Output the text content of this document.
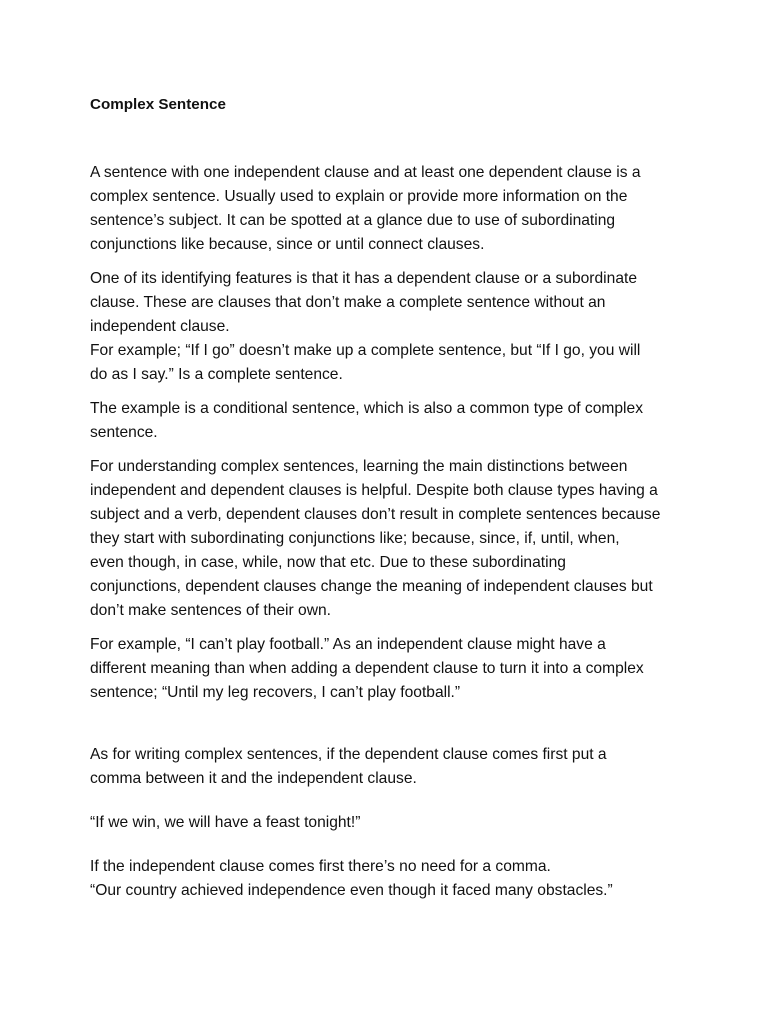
Complex Sentence

A sentence with one independent clause and at least one dependent clause is a
complex sentence. Usually used to explain or provide more information on the
sentence’s subject. It can be spotted at a glance due to use of subordinating
conjunctions like because, since or until connect clauses.

One of its identifying features is that it has a dependent clause or a subordinate
clause. These are clauses that don’t make a complete sentence without an
independent clause.
For example; “If I go” doesn’t make up a complete sentence, but “If I go, you will
do as I say.” Is a complete sentence.

The example is a conditional sentence, which is also a common type of complex
sentence.

For understanding complex sentences, learning the main distinctions between
independent and dependent clauses is helpful. Despite both clause types having a
subject and a verb, dependent clauses don’t result in complete sentences because
they start with subordinating conjunctions like; because, since, if, until, when,
even though, in case, while, now that etc. Due to these subordinating
conjunctions, dependent clauses change the meaning of independent clauses but
don’t make sentences of their own.

For example, “I can’t play football.” As an independent clause might have a
different meaning than when adding a dependent clause to turn it into a complex
sentence; “Until my leg recovers, I can’t play football.”

As for writing complex sentences, if the dependent clause comes first put a
comma between it and the independent clause.

“If we win, we will have a feast tonight!”

If the independent clause comes first there’s no need for a comma.
“Our country achieved independence even though it faced many obstacles.”
